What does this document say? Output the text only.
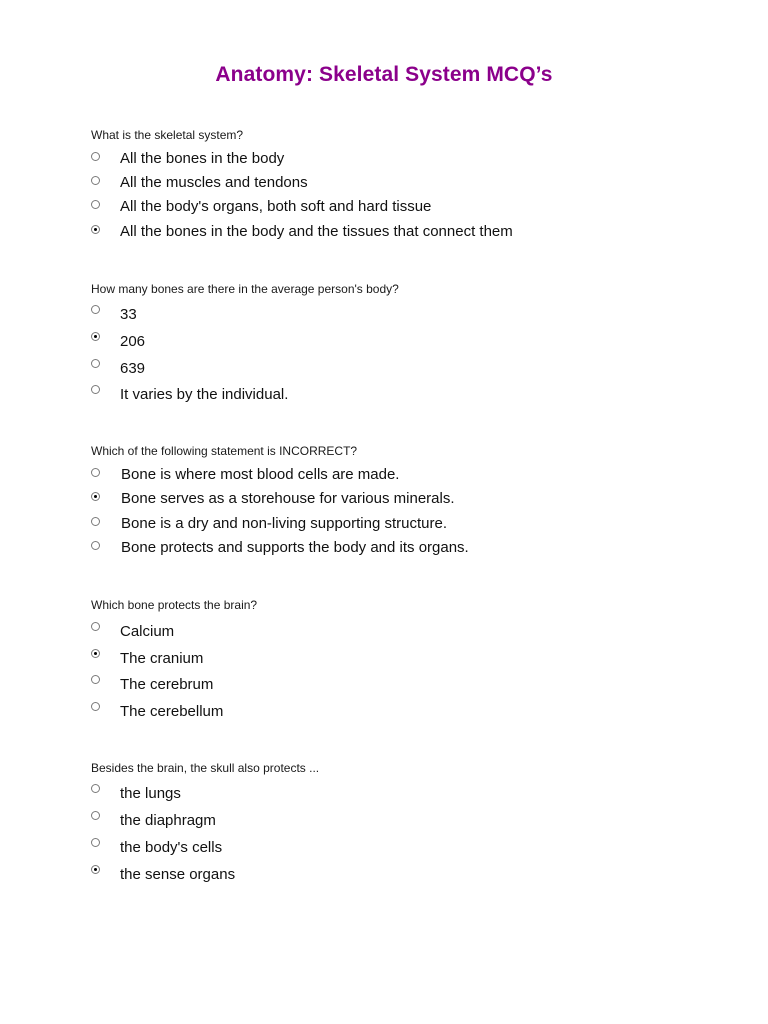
Anatomy: Skeletal System MCQ’s
What is the skeletal system?
All the bones in the body
All the muscles and tendons
All the body's organs, both soft and hard tissue
All the bones in the body and the tissues that connect them
How many bones are there in the average person's body?
33
206
639
It varies by the individual.
Which of the following statement is INCORRECT?
Bone is where most blood cells are made.
Bone serves as a storehouse for various minerals.
Bone is a dry and non-living supporting structure.
Bone protects and supports the body and its organs.
Which bone protects the brain?
Calcium
The cranium
The cerebrum
The cerebellum
Besides the brain, the skull also protects ...
the lungs
the diaphragm
the body's cells
the sense organs
